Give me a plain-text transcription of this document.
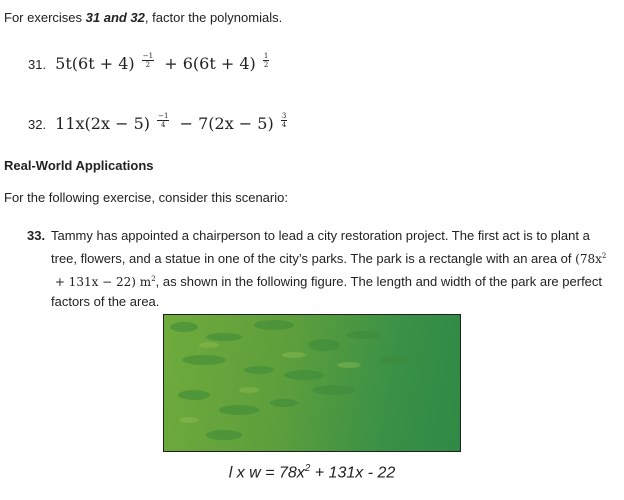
For exercises 31 and 32, factor the polynomials.
31. $5t(6t + 4) \frac{-1}{2} + 6(6t + 4) \frac{1}{2}$
32. $11x(2x - 5) \frac{-1}{4} - 7(2x - 5) \frac{3}{4}$
Real-World Applications
For the following exercise, consider this scenario:
33. Tammy has appointed a chairperson to lead a city restoration project. The first act is to plant a tree, flowers, and a statue in one of the city’s parks. The park is a rectangle with an area of $(78x^2 + 131x - 22)$ $m^2$, as shown in the following figure. The length and width of the park are perfect factors of the area.
l x $w = 78x^2 + 131x - 22$
